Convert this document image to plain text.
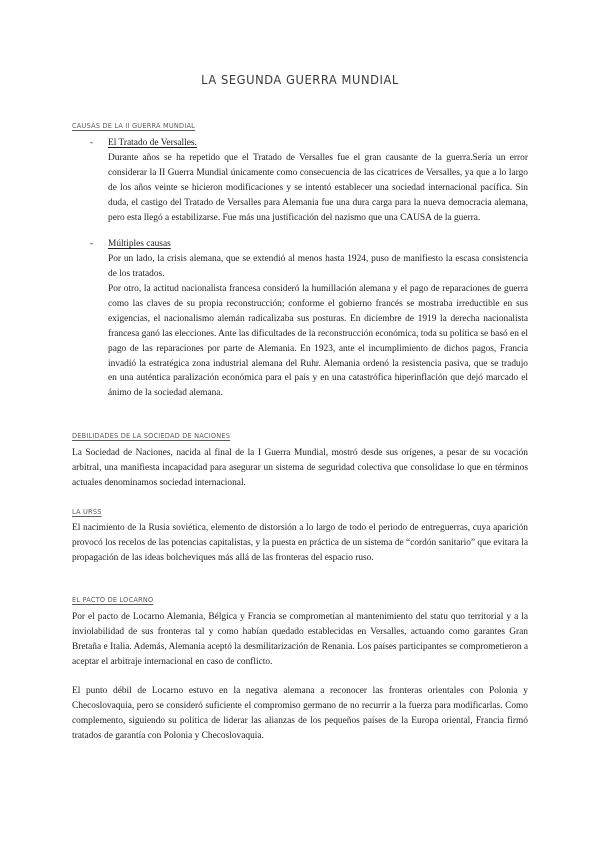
LA SEGUNDA GUERRA MUNDIAL
CAUSAS DE LA II GUERRA MUNDIAL
- El Tratado de Versalles.

Durante años se ha repetido que el Tratado de Versalles fue el gran causante de la guerra.Sería un error considerar la II Guerra Mundial únicamente como consecuencia de las cicatrices de Versalles, ya que a lo largo de los años veinte se hicieron modificaciones y se intentó establecer una sociedad internacional pacífica. Sin duda, el castigo del Tratado de Versalles para Alemania fue una dura carga para la nueva democracia alemana, pero esta llegó a estabilizarse. Fue más una justificación del nazismo que una CAUSA de la guerra.

- Múltiples causas

Por un lado, la crisis alemana, que se extendió al menos hasta 1924, puso de manifiesto la escasa consistencia de los tratados.

Por otro, la actitud nacionalista francesa consideró la humillación alemana y el pago de reparaciones de guerra como las claves de su propia reconstrucción; conforme el gobierno francés se mostraba irreductible en sus exigencias, el nacionalismo alemán radicalizaba sus posturas. En diciembre de 1919 la derecha nacionalista francesa ganó las elecciones. Ante las dificultades de la reconstrucción económica, toda su política se basó en el pago de las reparaciones por parte de Alemania. En 1923, ante el incumplimiento de dichos pagos, Francia invadió la estratégica zona industrial alemana del Ruhr. Alemania ordenó la resistencia pasiva, que se tradujo en una auténtica paralización económica para el país y en una catastrófica hiperinflación que dejó marcado el ánimo de la sociedad alemana.

DEBILIDADES DE LA SOCIEDAD DE NACIONES

La Sociedad de Naciones, nacida al final de la I Guerra Mundial, mostró desde sus orígenes, a pesar de su vocación arbitral, una manifiesta incapacidad para asegurar un sistema de seguridad colectiva que consolidase lo que en términos actuales denominamos sociedad internacional.

LA URSS

El nacimiento de la Rusia soviética, elemento de distorsión a lo largo de todo el periodo de entreguerras, cuya aparición provocó los recelos de las potencias capitalistas, y la puesta en práctica de un sistema de “cordón sanitario” que evitara la propagación de las ideas bolcheviques más allá de las fronteras del espacio ruso.

EL PACTO DE LOCARNO

Por el pacto de Locarno Alemania, Bélgica y Francia se comprometían al mantenimiento del statu quo territorial y a la inviolabilidad de sus fronteras tal y como habían quedado establecidas en Versalles, actuando como garantes Gran Bretaña e Italia. Además, Alemania aceptó la desmilitarización de Renania. Los países participantes se comprometieron a aceptar el arbitraje internacional en caso de conflicto.

El punto débil de Locarno estuvo en la negativa alemana a reconocer las fronteras orientales con Polonia y Checoslovaquia, pero se consideró suficiente el compromiso germano de no recurrir a la fuerza para modificarlas. Como complemento, siguiendo su política de liderar las alianzas de los pequeños países de la Europa oriental, Francia firmó tratados de garantía con Polonia y Checoslovaquia.
